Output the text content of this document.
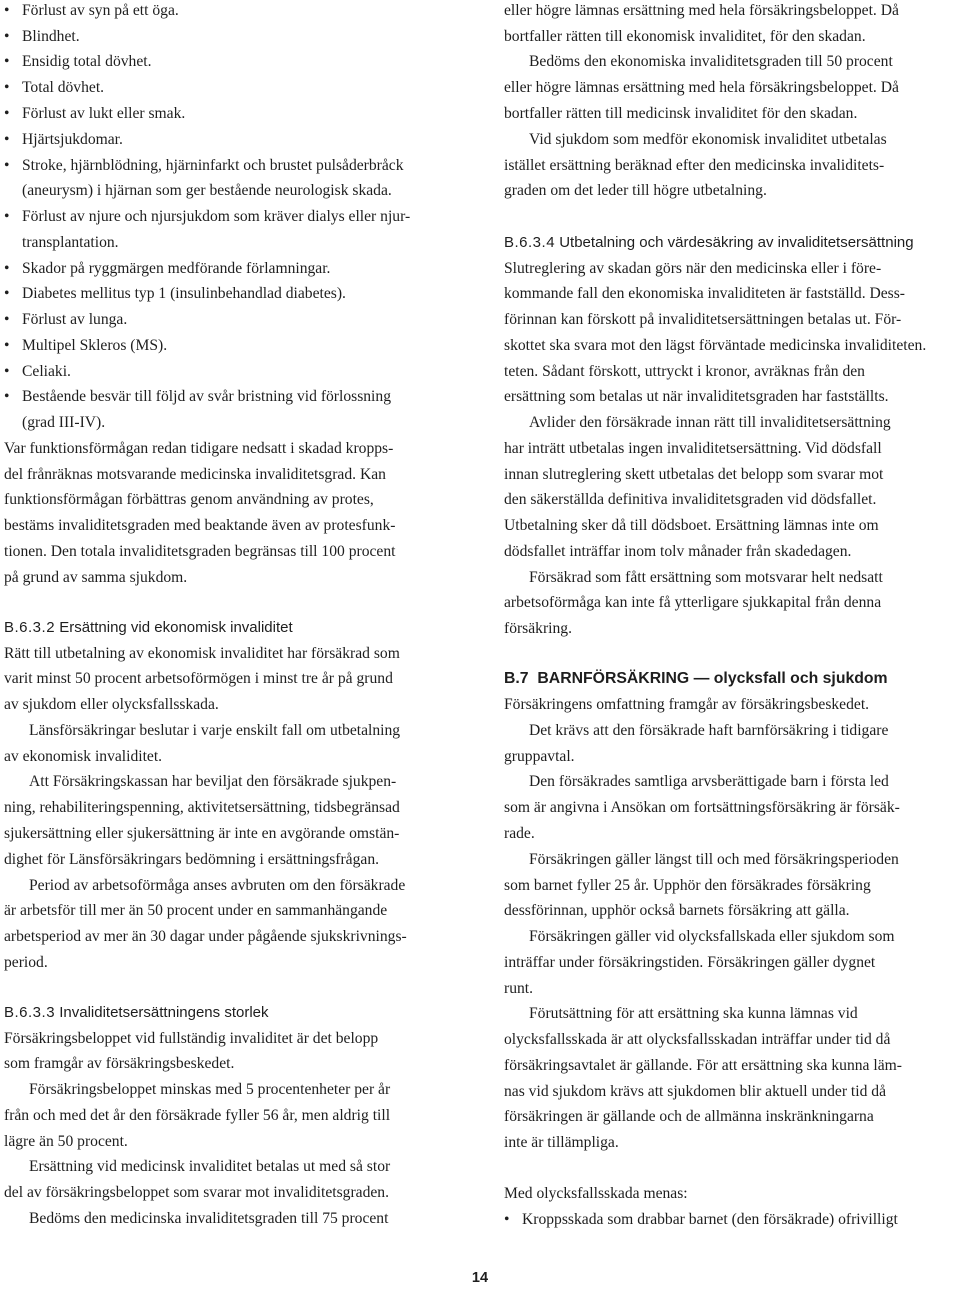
• Förlust av syn på ett öga.
• Blindhet.
• Ensidig total dövhet.
• Total dövhet.
• Förlust av lukt eller smak.
• Hjärtsjukdomar.
• Stroke, hjärnblödning, hjärninfarkt och brustet pulsåderbråck
(aneurysm) i hjärnan som ger bestående neurologisk skada.
• Förlust av njure och njursjukdom som kräver dialys eller njur-
transplantation.
• Skador på ryggmärgen medförande förlamningar.
• Diabetes mellitus typ 1 (insulinbehandlad diabetes).
• Förlust av lunga.
• Multipel Skleros (MS).
• Celiaki.
• Bestående besvär till följd av svår bristning vid förlossning
(grad III-IV).
Var funktionsförmågan redan tidigare nedsatt i skadad kropps-
del frånräknas motsvarande medicinska invaliditetsgrad. Kan
funktionsförmågan förbättras genom användning av protes,
bestäms invaliditetsgraden med beaktande även av protesfunk-
tionen. Den totala invaliditetsgraden begränsas till 100 procent
på grund av samma sjukdom.
B.6.3.2 Ersättning vid ekonomisk invaliditet
Rätt till utbetalning av ekonomisk invaliditet har försäkrad som
varit minst 50 procent arbetsoförmögen i minst tre år på grund
av sjukdom eller olycksfallsskada.
Länsförsäkringar beslutar i varje enskilt fall om utbetalning
av ekonomisk invaliditet.
Att Försäkringskassan har beviljat den försäkrade sjukpen-
ning, rehabiliteringspenning, aktivitetsersättning, tidsbegränsad
sjukersättning eller sjukersättning är inte en avgörande omstän-
dighet för Länsförsäkringars bedömning i ersättningsfrågan.
Period av arbetsoförmåga anses avbruten om den försäkrade
är arbetsför till mer än 50 procent under en sammanhängande
arbetsperiod av mer än 30 dagar under pågående sjukskrivnings-
period.
B.6.3.3 Invaliditetsersättningens storlek
Försäkringsbeloppet vid fullständig invaliditet är det belopp
som framgår av försäkringsbeskedet.
Försäkringsbeloppet minskas med 5 procentenheter per år
från och med det år den försäkrade fyller 56 år, men aldrig till
lägre än 50 procent.
Ersättning vid medicinsk invaliditet betalas ut med så stor
del av försäkringsbeloppet som svarar mot invaliditetsgraden.
Bedöms den medicinska invaliditetsgraden till 75 procent
eller högre lämnas ersättning med hela försäkringsbeloppet. Då
bortfaller rätten till ekonomisk invaliditet, för den skadan.
Bedöms den ekonomiska invaliditetsgraden till 50 procent
eller högre lämnas ersättning med hela försäkringsbeloppet. Då
bortfaller rätten till medicinsk invaliditet för den skadan.
Vid sjukdom som medför ekonomisk invaliditet utbetalas
istället ersättning beräknad efter den medicinska invaliditets-
graden om det leder till högre utbetalning.
B.6.3.4 Utbetalning och värdesäkring av invaliditetsersättning
Slutreglering av skadan görs när den medicinska eller i före-
kommande fall den ekonomiska invaliditeten är fastställd. Dess-
förinnan kan förskott på invaliditetsersättningen betalas ut. För-
skottet ska svara mot den lägst förväntade medicinska invaliditeten.
teten. Sådant förskott, uttryckt i kronor, avräknas från den
ersättning som betalas ut när invaliditetsgraden har fastställts.
Avlider den försäkrade innan rätt till invaliditetsersättning
har inträtt utbetalas ingen invaliditetsersättning. Vid dödsfall
innan slutreglering skett utbetalas det belopp som svarar mot
den säkerställda definitiva invaliditetsgraden vid dödsfallet.
Utbetalning sker då till dödsboet. Ersättning lämnas inte om
dödsfallet inträffar inom tolv månader från skadedagen.
Försäkrad som fått ersättning som motsvarar helt nedsatt
arbetsoförmåga kan inte få ytterligare sjukkapital från denna
försäkring.
B.7 BARNFÖRSÄKRING — olycksfall och sjukdom
Försäkringens omfattning framgår av försäkringsbeskedet.
Det krävs att den försäkrade haft barnförsäkring i tidigare
gruppavtal.
Den försäkrades samtliga arvsberättigade barn i första led
som är angivna i Ansökan om fortsättningsförsäkring är försäk-
rade.
Försäkringen gäller längst till och med försäkringsperioden
som barnet fyller 25 år. Upphör den försäkrades försäkring
dessförinnan, upphör också barnets försäkring att gälla.
Försäkringen gäller vid olycksfallskada eller sjukdom som
inträffar under försäkringstiden. Försäkringen gäller dygnet
runt.
Förutsättning för att ersättning ska kunna lämnas vid
olycksfallsskada är att olycksfallsskadan inträffar under tid då
försäkringsavtalet är gällande. För att ersättning ska kunna läm-
nas vid sjukdom krävs att sjukdomen blir aktuell under tid då
försäkringen är gällande och de allmänna inskränkningarna
inte är tillämpliga.
Med olycksfallsskada menas:
• Kroppsskada som drabbar barnet (den försäkrade) ofrivilligt
14
